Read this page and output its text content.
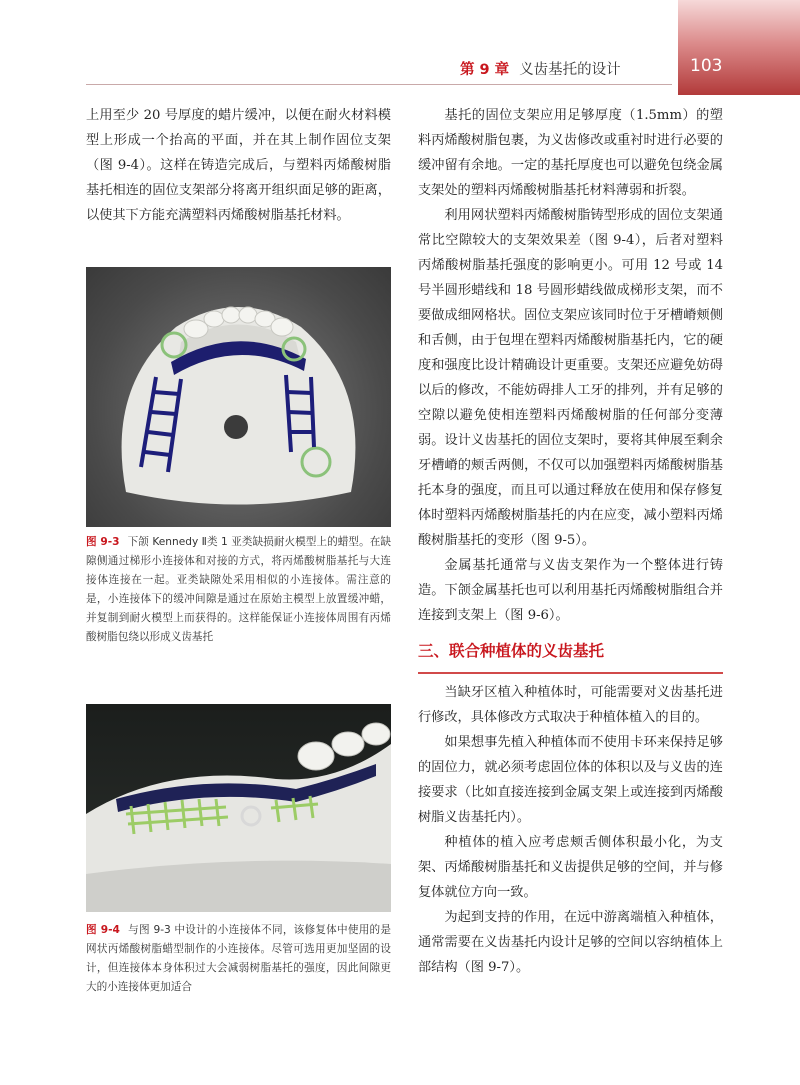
第 9 章 义齿基托的设计	103

上用至少 20 号厚度的蜡片缓冲，以便在耐火材料模型上形成一个抬高的平面，并在其上制作固位支架（图 9-4）。这样在铸造完成后，与塑料丙烯酸树脂基托相连的固位支架部分将离开组织面足够的距离，以使其下方能充满塑料丙烯酸树脂基托材料。

图 9-3 下颌 Kennedy Ⅱ类 1 亚类缺损耐火模型上的蜡型。在缺隙侧通过梯形小连接体和对接的方式，将丙烯酸树脂基托与大连接体连接在一起。亚类缺隙处采用相似的小连接体。需注意的是，小连接体下的缓冲间隙是通过在原始主模型上放置缓冲蜡，并复制到耐火模型上而获得的。这样能保证小连接体周围有丙烯酸树脂包绕以形成义齿基托

图 9-4 与图 9-3 中设计的小连接体不同，该修复体中使用的是网状丙烯酸树脂蜡型制作的小连接体。尽管可选用更加坚固的设计，但连接体本身体积过大会减弱树脂基托的强度，因此间隙更大的小连接体更加适合

基托的固位支架应用足够厚度（1.5mm）的塑料丙烯酸树脂包裹，为义齿修改或重衬时进行必要的缓冲留有余地。一定的基托厚度也可以避免包绕金属支架处的塑料丙烯酸树脂基托材料薄弱和折裂。

利用网状塑料丙烯酸树脂铸型形成的固位支架通常比空隙较大的支架效果差（图 9-4），后者对塑料丙烯酸树脂基托强度的影响更小。可用 12 号或 14 号半圆形蜡线和 18 号圆形蜡线做成梯形支架，而不要做成细网格状。固位支架应该同时位于牙槽嵴颊侧和舌侧，由于包埋在塑料丙烯酸树脂基托内，它的硬度和强度比设计精确设计更重要。支架还应避免妨碍以后的修改，不能妨碍排人工牙的排列，并有足够的空隙以避免使相连塑料丙烯酸树脂的任何部分变薄弱。设计义齿基托的固位支架时，要将其伸展至剩余牙槽嵴的颊舌两侧，不仅可以加强塑料丙烯酸树脂基托本身的强度，而且可以通过释放在使用和保存修复体时塑料丙烯酸树脂基托的内在应变，减小塑料丙烯酸树脂基托的变形（图 9-5）。

金属基托通常与义齿支架作为一个整体进行铸造。下颌金属基托也可以利用基托丙烯酸树脂组合并连接到支架上（图 9-6）。

三、联合种植体的义齿基托

当缺牙区植入种植体时，可能需要对义齿基托进行修改，具体修改方式取决于种植体植入的目的。

如果想事先植入种植体而不使用卡环来保持足够的固位力，就必须考虑固位体的体积以及与义齿的连接要求（比如直接连接到金属支架上或连接到丙烯酸树脂义齿基托内）。

种植体的植入应考虑颊舌侧体积最小化，为支架、丙烯酸树脂基托和义齿提供足够的空间，并与修复体就位方向一致。

为起到支持的作用，在远中游离端植入种植体，通常需要在义齿基托内设计足够的空间以容纳植体上部结构（图 9-7）。
